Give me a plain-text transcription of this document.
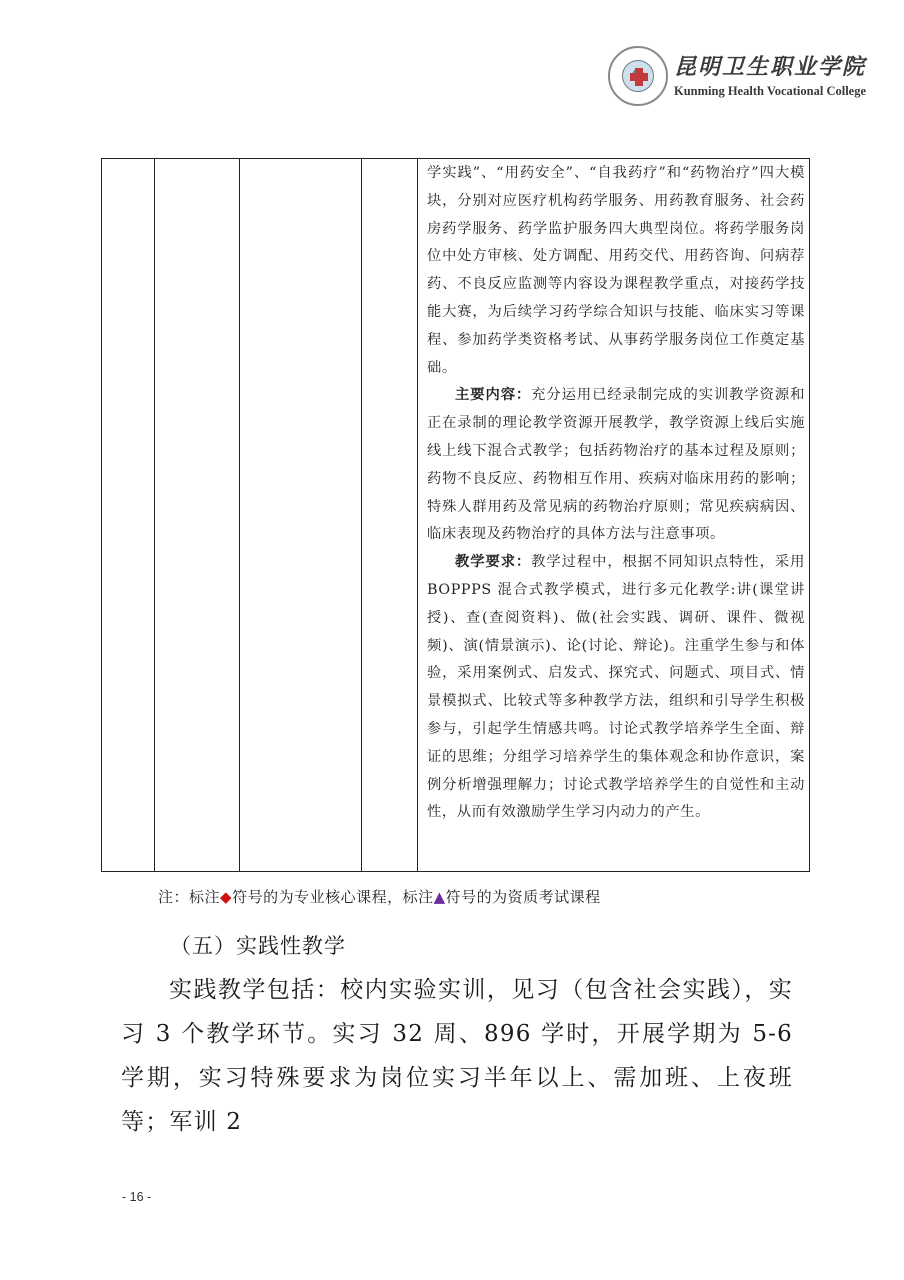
昆明卫生职业学院
Kunming Health Vocational College

学实践”、“用药安全”、“自我药疗”和“药物治疗”四大模块，分别对应医疗机构药学服务、用药教育服务、社会药房药学服务、药学监护服务四大典型岗位。将药学服务岗位中处方审核、处方调配、用药交代、用药咨询、问病荐药、不良反应监测等内容设为课程教学重点，对接药学技能大赛，为后续学习药学综合知识与技能、临床实习等课程、参加药学类资格考试、从事药学服务岗位工作奠定基础。

主要内容：充分运用已经录制完成的实训教学资源和正在录制的理论教学资源开展教学，教学资源上线后实施线上线下混合式教学；包括药物治疗的基本过程及原则；药物不良反应、药物相互作用、疾病对临床用药的影响；特殊人群用药及常见病的药物治疗原则；常见疾病病因、临床表现及药物治疗的具体方法与注意事项。

教学要求：教学过程中，根据不同知识点特性，采用 BOPPPS 混合式教学模式，进行多元化教学:讲(课堂讲授)、查(查阅资料)、做(社会实践、调研、课件、微视频)、演(情景演示)、论(讨论、辩论)。注重学生参与和体验，采用案例式、启发式、探究式、问题式、项目式、情景模拟式、比较式等多种教学方法，组织和引导学生积极参与，引起学生情感共鸣。讨论式教学培养学生全面、辩证的思维；分组学习培养学生的集体观念和协作意识，案例分析增强理解力；讨论式教学培养学生的自觉性和主动性，从而有效激励学生学习内动力的产生。

注：标注◆符号的为专业核心课程，标注▲符号的为资质考试课程
（五）实践性教学

实践教学包括：校内实验实训，见习（包含社会实践），实习 3 个教学环节。实习 32 周、896 学时，开展学期为 5-6 学期，实习特殊要求为岗位实习半年以上、需加班、上夜班等；军训 2

- 16 -
